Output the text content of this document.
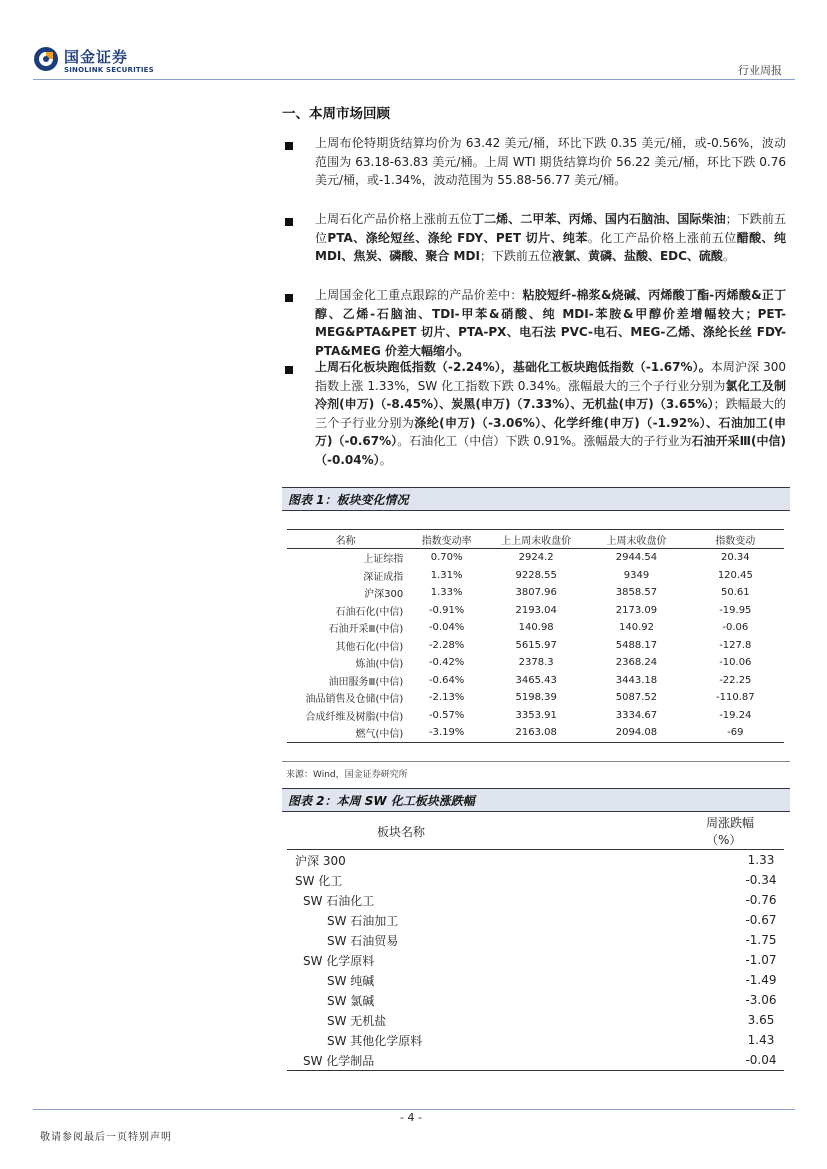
国金证券
SINOLINK SECURITIES	行业周报
一、本周市场回顾
上周布伦特期货结算均价为 63.42 美元/桶，环比下跌 0.35 美元/桶，或-0.56%，波动范围为 63.18-63.83 美元/桶。上周 WTI 期货结算均价 56.22 美元/桶，环比下跌 0.76 美元/桶，或-1.34%，波动范围为 55.88-56.77 美元/桶。
上周石化产品价格上涨前五位丁二烯、二甲苯、丙烯、国内石脑油、国际柴油；下跌前五位PTA、涤纶短丝、涤纶 FDY、PET 切片、纯苯。化工产品价格上涨前五位醋酸、纯 MDI、焦炭、磷酸、聚合 MDI；下跌前五位液氯、黄磷、盐酸、EDC、硫酸。
上周国金化工重点跟踪的产品价差中：粘胶短纤-棉浆&烧碱、丙烯酸丁酯-丙烯酸&正丁醇、乙烯-石脑油、TDI-甲苯&硝酸、纯 MDI-苯胺&甲醇价差增幅较大；PET-MEG&PTA&PET 切片、PTA-PX、电石法 PVC-电石、MEG-乙烯、涤纶长丝 FDY-PTA&MEG 价差大幅缩小。
上周石化板块跑低指数（-2.24%），基础化工板块跑低指数（-1.67%）。本周沪深 300 指数上涨 1.33%，SW 化工指数下跌 0.34%。涨幅最大的三个子行业分别为氯化工及制冷剂(申万)（-8.45%）、炭黑(申万)（7.33%）、无机盐(申万)（3.65%）；跌幅最大的三个子行业分别为涤纶(申万)（-3.06%）、化学纤维(申万)（-1.92%）、石油加工(申万)（-0.67%）。石油化工（中信）下跌 0.91%。涨幅最大的子行业为石油开采Ⅲ(中信)（-0.04%）。
图表 1：板块变化情况
名称	指数变动率	上上周末收盘价	上周末收盘价	指数变动
上证综指	0.70%	2924.2	2944.54	20.34
深证成指	1.31%	9228.55	9349	120.45
沪深300	1.33%	3807.96	3858.57	50.61
石油石化(中信)	-0.91%	2193.04	2173.09	-19.95
石油开采Ⅲ(中信)	-0.04%	140.98	140.92	-0.06
其他石化(中信)	-2.28%	5615.97	5488.17	-127.8
炼油(中信)	-0.42%	2378.3	2368.24	-10.06
油田服务Ⅲ(中信)	-0.64%	3465.43	3443.18	-22.25
油品销售及仓储(中信)	-2.13%	5198.39	5087.52	-110.87
合成纤维及树脂(中信)	-0.57%	3353.91	3334.67	-19.24
燃气(中信)	-3.19%	2163.08	2094.08	-69
来源：Wind，国金证券研究所
图表 2：本周 SW 化工板块涨跌幅
板块名称	周涨跌幅（%）
沪深 300	1.33
SW 化工	-0.34
SW 石油化工	-0.76
SW 石油加工	-0.67
SW 石油贸易	-1.75
SW 化学原料	-1.07
SW 纯碱	-1.49
SW 氯碱	-3.06
SW 无机盐	3.65
SW 其他化学原料	1.43
SW 化学制品	-0.04
- 4 -
敬请参阅最后一页特别声明
